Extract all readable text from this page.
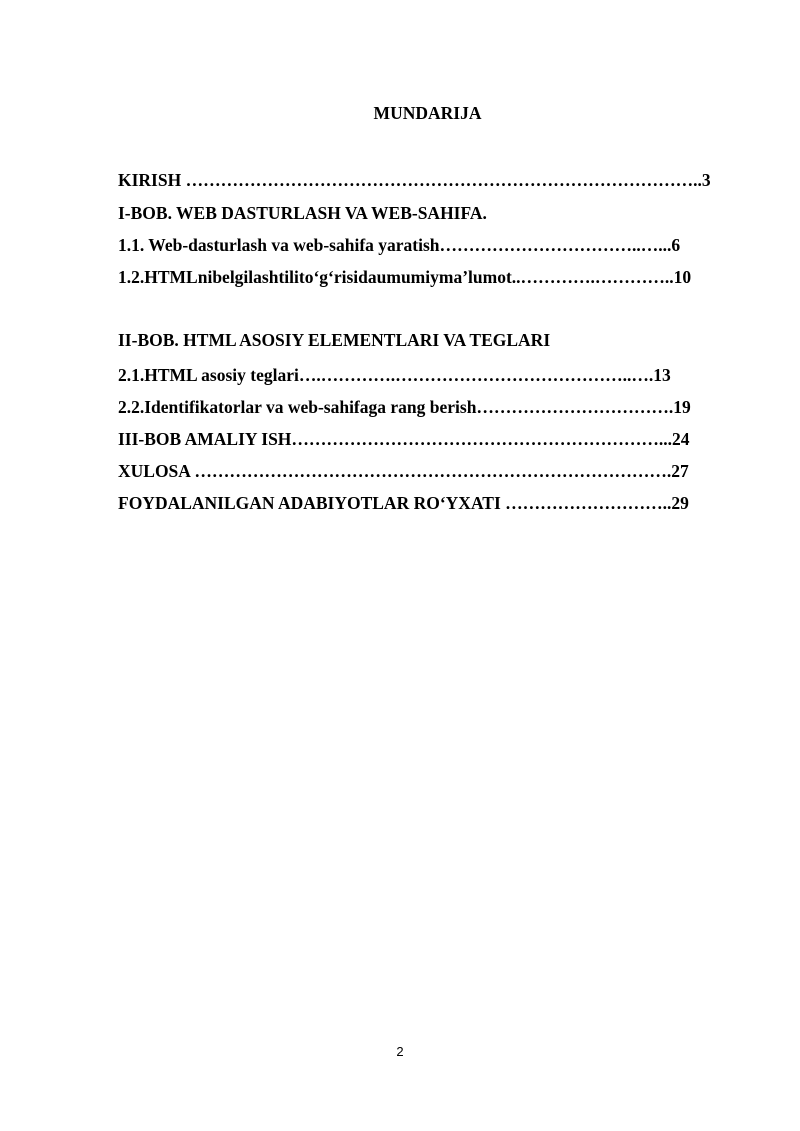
MUNDARIJA

KIRISH ……………………………………………………………………………..3

I-BOB. WEB DASTURLASH VA WEB-SAHIFA.

1.1. Web-dasturlash va web-sahifa yaratish……………………………..…...6

1.2.HTMLnibelgilashtilito‘g‘risidaumumiyma’lumot..………….…………..10

II-BOB. HTML ASOSIY ELEMENTLARI VA TEGLARI

2.1.HTML asosiy teglari….………….…………………………………..….13

2.2.Identifikatorlar va web-sahifaga rang berish…………………………….19

III-BOB AMALIY ISH………………………………………………………...24

XULOSA ……………………………………………………………………….27

FOYDALANILGAN ADABIYOTLAR RO‘YXATI ………………………..29

2
